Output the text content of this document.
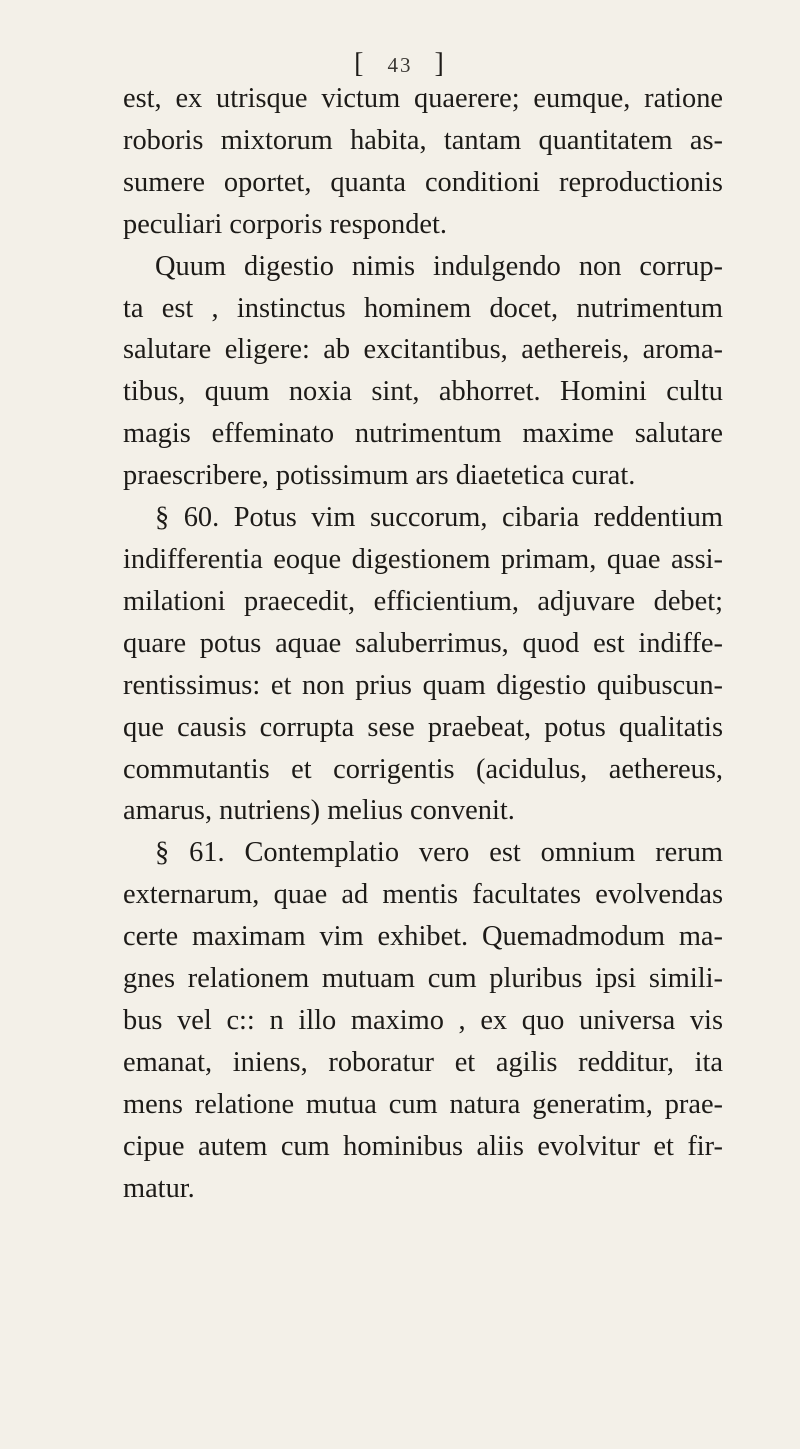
[ 43 ]
est, ex utrisque victum quaerere; eumque, ratione
roboris mixtorum habita, tantam quantitatem as-
sumere oportet, quanta conditioni reproductionis
peculiari corporis respondet.
Quum digestio nimis indulgendo non corrup-
ta est , instinctus hominem docet, nutrimentum
salutare eligere: ab excitantibus, aethereis, aroma-
tibus, quum noxia sint, abhorret. Homini cultu
magis effeminato nutrimentum maxime salutare
praescribere, potissimum ars diaetetica curat.
§ 60. Potus vim succorum, cibaria reddentium
indifferentia eoque digestionem primam, quae assi-
milationi praecedit, efficientium, adjuvare debet;
quare potus aquae saluberrimus, quod est indiffe-
rentissimus: et non prius quam digestio quibuscun-
que causis corrupta sese praebeat, potus qualitatis
commutantis et corrigentis (acidulus, aethereus,
amarus, nutriens) melius convenit.
§ 61. Contemplatio vero est omnium rerum
externarum, quae ad mentis facultates evolvendas
certe maximam vim exhibet. Quemadmodum ma-
gnes relationem mutuam cum pluribus ipsi simili-
bus vel c:: n illo maximo , ex quo universa vis
emanat, iniens, roboratur et agilis redditur, ita
mens relatione mutua cum natura generatim, prae-
cipue autem cum hominibus aliis evolvitur et fir-
matur.
